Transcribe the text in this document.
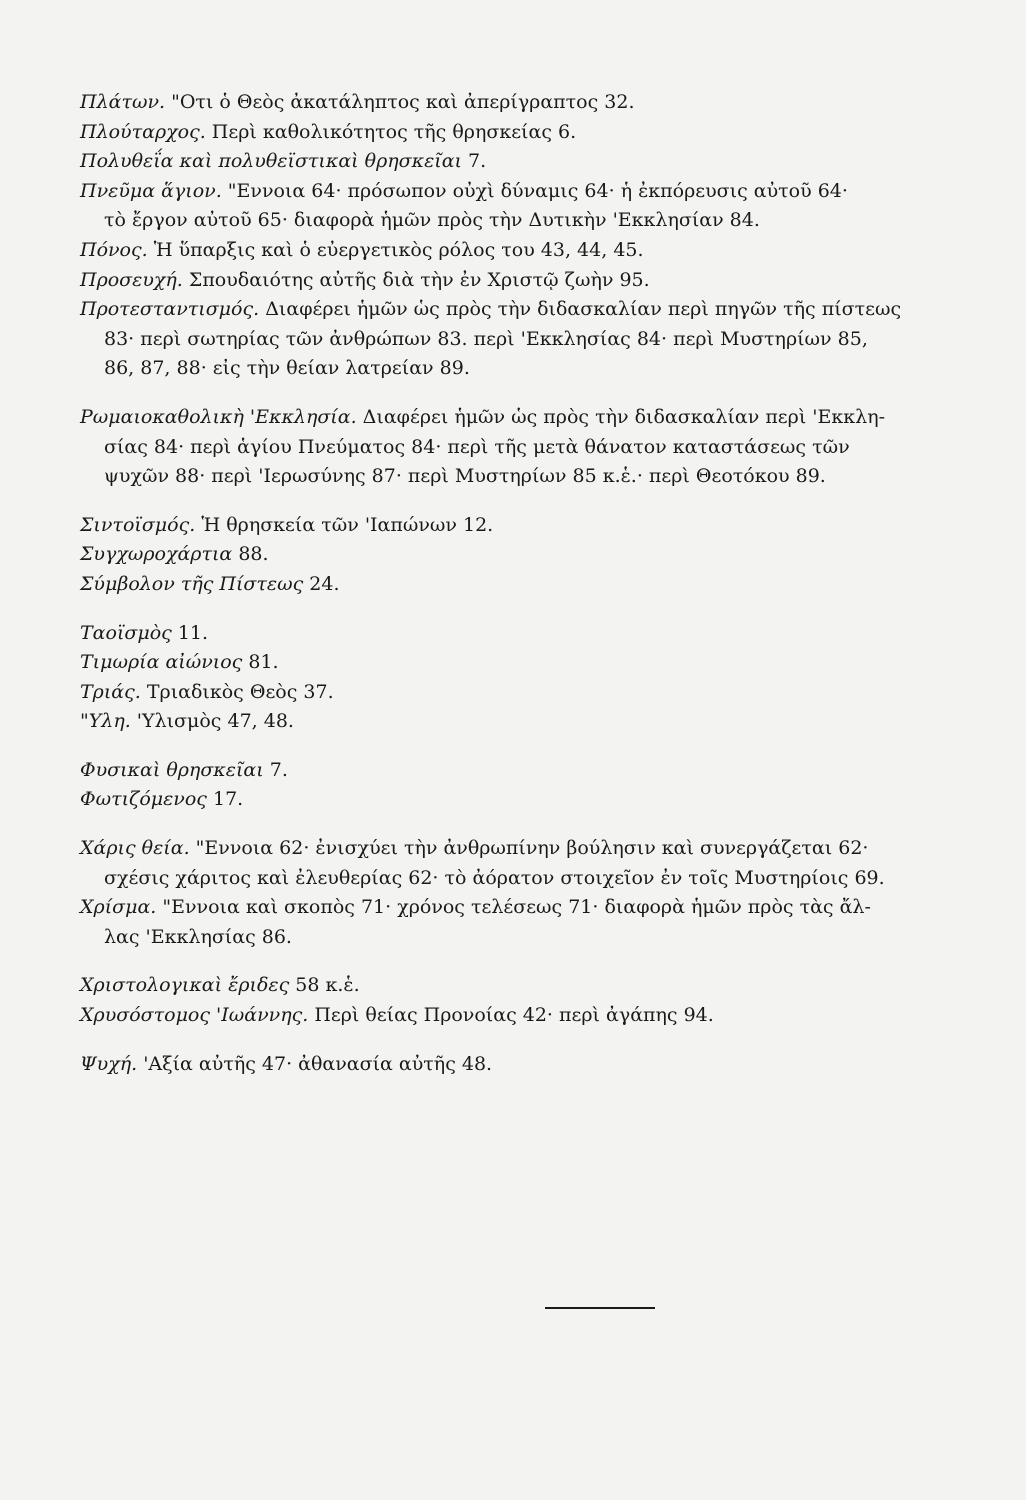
Πλάτων. "Οτι ὁ Θεὸς ἀκατάληπτος καὶ ἀπερίγραπτος 32.

Πλούταρχος. Περὶ καθολικότητος τῆς θρησκείας 6.

Πολυθεΐα καὶ πολυθεϊστικαὶ θρησκεῖαι 7.

Πνεῦμα ἅγιον. "Εννοια 64· πρόσωπον οὐχὶ δύναμις 64· ἡ ἐκπόρευσις αὐτοῦ 64·
τὸ ἔργον αὐτοῦ 65· διαφορὰ ἡμῶν πρὸς τὴν Δυτικὴν 'Εκκλησίαν 84.

Πόνος. Ἡ ὕπαρξις καὶ ὁ εὐεργετικὸς ρόλος του 43, 44, 45.

Προσευχή. Σπουδαιότης αὐτῆς διὰ τὴν ἐν Χριστῷ ζωὴν 95.

Προτεσταντισμός. Διαφέρει ἡμῶν ὡς πρὸς τὴν διδασκαλίαν περὶ πηγῶν τῆς πίστεως
83· περὶ σωτηρίας τῶν ἀνθρώπων 83. περὶ 'Εκκλησίας 84· περὶ Μυστηρίων 85,
86, 87, 88· εἰς τὴν θείαν λατρείαν 89.

Ρωμαιοκαθολικὴ 'Εκκλησία. Διαφέρει ἡμῶν ὡς πρὸς τὴν διδασκαλίαν περὶ 'Εκκλη-
σίας 84· περὶ ἁγίου Πνεύματος 84· περὶ τῆς μετὰ θάνατον καταστάσεως τῶν
ψυχῶν 88· περὶ 'Ιερωσύνης 87· περὶ Μυστηρίων 85 κ.ἑ.· περὶ Θεοτόκου 89.

Σιντοϊσμός. Ἡ θρησκεία τῶν 'Ιαπώνων 12.

Συγχωροχάρτια 88.

Σύμβολον τῆς Πίστεως 24.

Ταοϊσμὸς 11.

Τιμωρία αἰώνιος 81.

Τριάς. Τριαδικὸς Θεὸς 37.

"Υλη. 'Υλισμὸς 47, 48.

Φυσικαὶ θρησκεῖαι 7.

Φωτιζόμενος 17.

Χάρις θεία. "Εννοια 62· ἐνισχύει τὴν ἀνθρωπίνην βούλησιν καὶ συνεργάζεται 62·
σχέσις χάριτος καὶ ἐλευθερίας 62· τὸ ἀόρατον στοιχεῖον ἐν τοῖς Μυστηρίοις 69.

Χρίσμα. "Εννοια καὶ σκοπὸς 71· χρόνος τελέσεως 71· διαφορὰ ἡμῶν πρὸς τὰς ἄλ-
λας 'Εκκλησίας 86.

Χριστολογικαὶ ἔριδες 58 κ.ἑ.

Χρυσόστομος 'Ιωάννης. Περὶ θείας Προνοίας 42· περὶ ἀγάπης 94.

Ψυχή. 'Αξία αὐτῆς 47· ἀθανασία αὐτῆς 48.
